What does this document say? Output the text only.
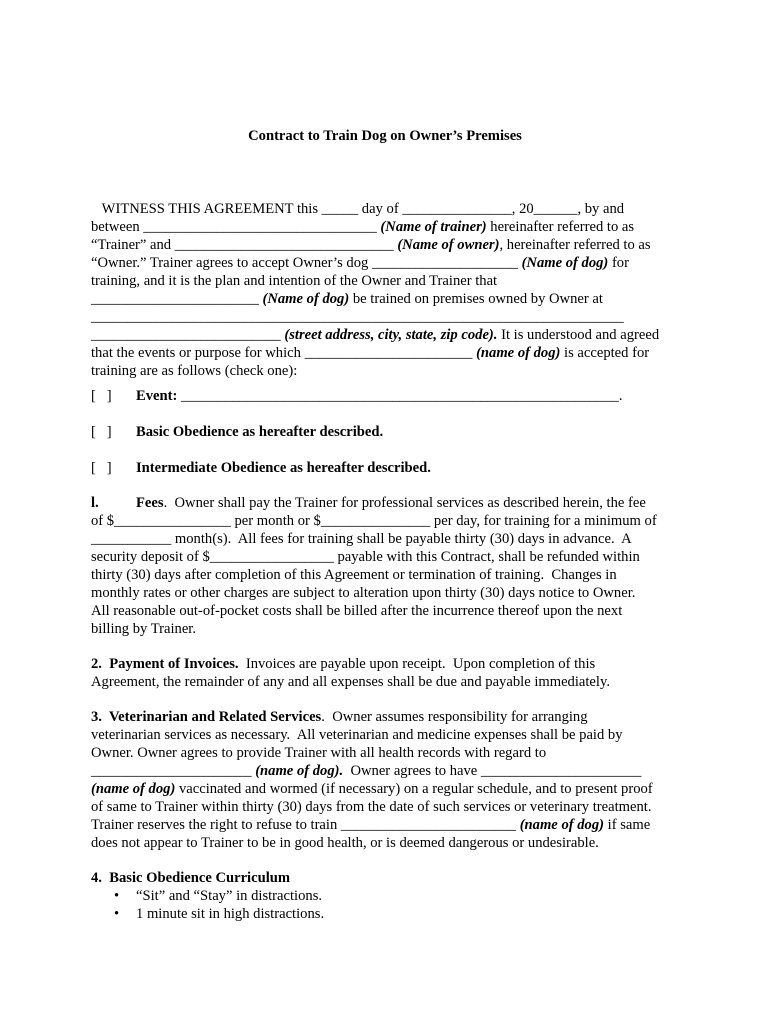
Contract to Train Dog on Owner’s Premises
WITNESS THIS AGREEMENT this _____ day of _______________, 20______, by and
between ________________________________ (Name of trainer) hereinafter referred to as
“Trainer” and ______________________________ (Name of owner), hereinafter referred to as
“Owner.” Trainer agrees to accept Owner’s dog ____________________ (Name of dog) for
training, and it is the plan and intention of the Owner and Trainer that
_______________________ (Name of dog) be trained on premises owned by Owner at
_________________________________________________________________________
__________________________ (street address, city, state, zip code). It is understood and agreed
that the events or purpose for which _______________________ (name of dog) is accepted for
training are as follows (check one):
[   ] Event: ____________________________________________________________.
[   ] Basic Obedience as hereafter described.
[   ] Intermediate Obedience as hereafter described.
l.	Fees.  Owner shall pay the Trainer for professional services as described herein, the fee
of $________________ per month or $_______________ per day, for training for a minimum of
___________ month(s).  All fees for training shall be payable thirty (30) days in advance.  A
security deposit of $_________________ payable with this Contract, shall be refunded within
thirty (30) days after completion of this Agreement or termination of training.  Changes in
monthly rates or other charges are subject to alteration upon thirty (30) days notice to Owner.
All reasonable out-of-pocket costs shall be billed after the incurrence thereof upon the next
billing by Trainer.
2.  Payment of Invoices.  Invoices are payable upon receipt.  Upon completion of this
Agreement, the remainder of any and all expenses shall be due and payable immediately.
3.  Veterinarian and Related Services.  Owner assumes responsibility for arranging
veterinarian services as necessary.  All veterinarian and medicine expenses shall be paid by
Owner. Owner agrees to provide Trainer with all health records with regard to
______________________ (name of dog).  Owner agrees to have ______________________
(name of dog) vaccinated and wormed (if necessary) on a regular schedule, and to present proof
of same to Trainer within thirty (30) days from the date of such services or veterinary treatment.
Trainer reserves the right to refuse to train ________________________ (name of dog) if same
does not appear to Trainer to be in good health, or is deemed dangerous or undesirable.
4.  Basic Obedience Curriculum
• “Sit” and “Stay” in distractions.
• 1 minute sit in high distractions.
